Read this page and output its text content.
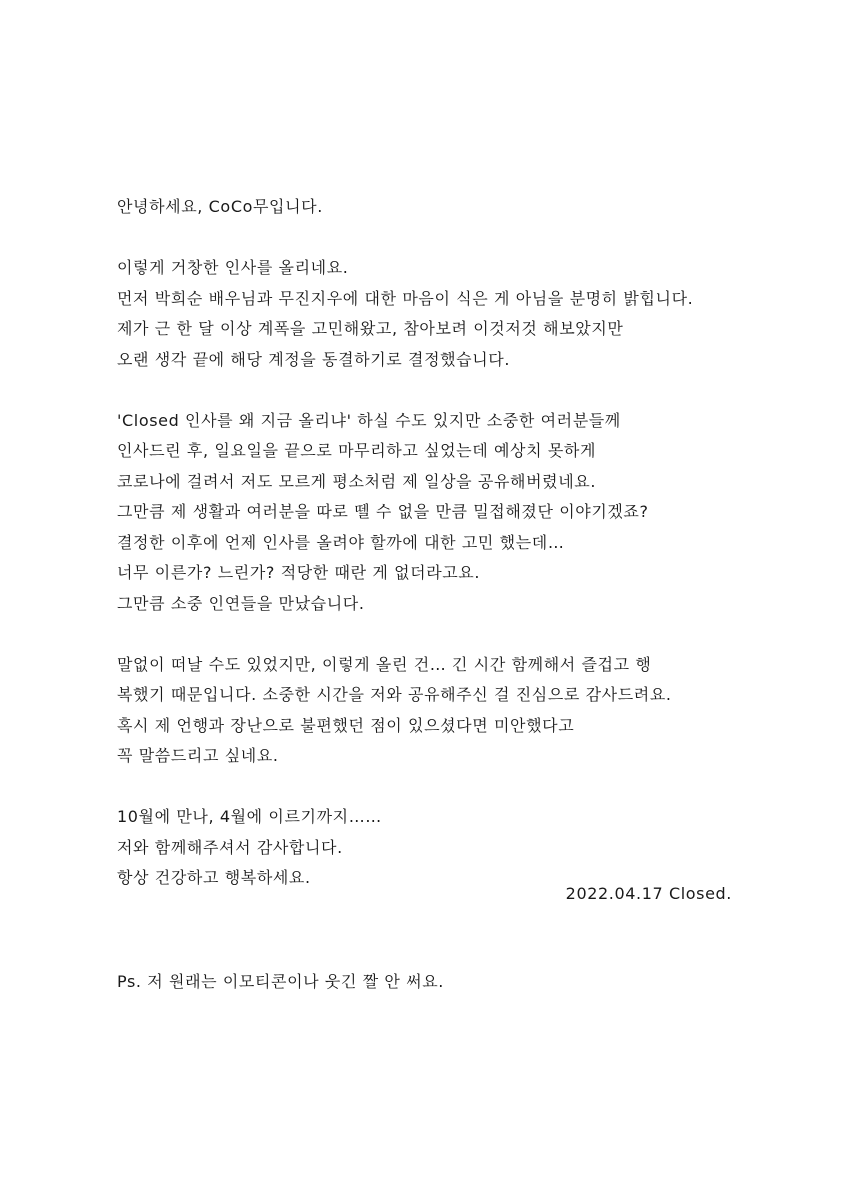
안녕하세요, CoCo무입니다.
이렇게 거창한 인사를 올리네요.
먼저 박희순 배우님과 무진지우에 대한 마음이 식은 게 아님을 분명히 밝힙니다.
제가 근 한 달 이상 계폭을 고민해왔고, 참아보려 이것저것 해보았지만
오랜 생각 끝에 해당 계정을 동결하기로 결정했습니다.
'Closed 인사를 왜 지금 올리냐' 하실 수도 있지만 소중한 여러분들께
인사드린 후, 일요일을 끝으로 마무리하고 싶었는데 예상치 못하게
코로나에 걸려서 저도 모르게 평소처럼 제 일상을 공유해버렸네요.
그만큼 제 생활과 여러분을 따로 뗄 수 없을 만큼 밀접해졌단 이야기겠죠?
결정한 이후에 언제 인사를 올려야 할까에 대한 고민 했는데…
너무 이른가? 느린가? 적당한 때란 게 없더라고요.
그만큼 소중 인연들을 만났습니다.
말없이 떠날 수도 있었지만, 이렇게 올린 건… 긴 시간 함께해서 즐겁고 행
복했기 때문입니다. 소중한 시간을 저와 공유해주신 걸 진심으로 감사드려요.
혹시 제 언행과 장난으로 불편했던 점이 있으셨다면 미안했다고
꼭 말씀드리고 싶네요.
10월에 만나, 4월에 이르기까지……
저와 함께해주셔서 감사합니다.
항상 건강하고 행복하세요.
2022.04.17 Closed.
Ps. 저 원래는 이모티콘이나 웃긴 짤 안 써요.
